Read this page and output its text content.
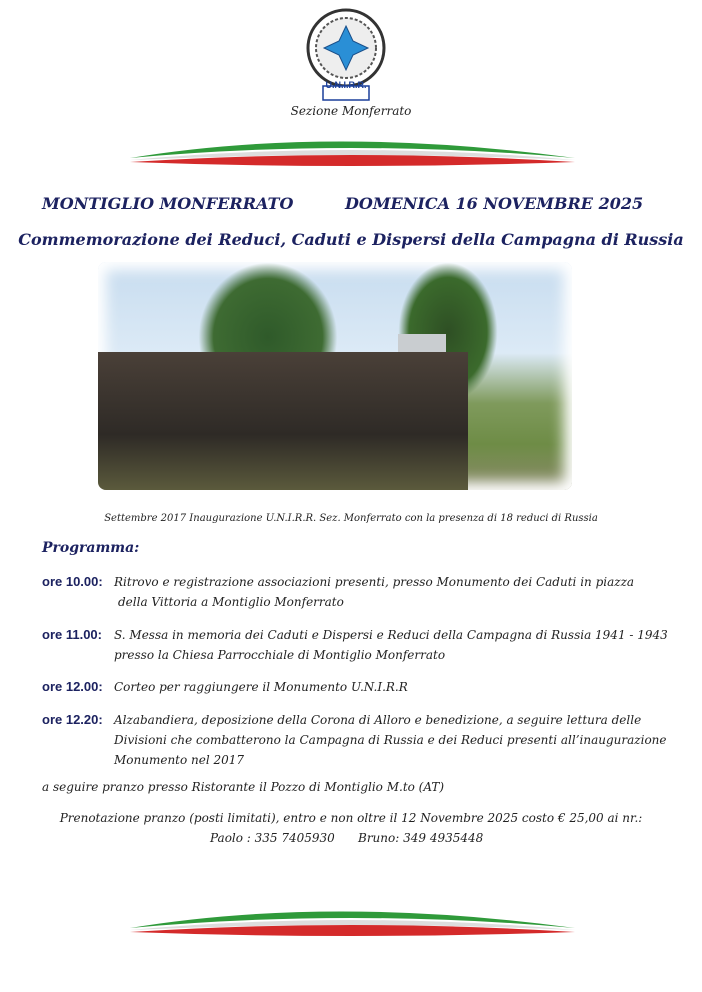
U.N.I.R.R.
Sezione Monferrato
MONTIGLIO MONFERRATO	DOMENICA 16 NOVEMBRE 2025
Commemorazione dei Reduci, Caduti e Dispersi della Campagna di Russia
Settembre 2017 Inaugurazione U.N.I.R.R. Sez. Monferrato con la presenza di 18 reduci di Russia
Programma:
ore 10.00: Ritrovo e registrazione associazioni presenti, presso Monumento dei Caduti in piazza
della Vittoria a Montiglio Monferrato
ore 11.00: S. Messa in memoria dei Caduti e Dispersi e Reduci della Campagna di Russia 1941 - 1943
presso la Chiesa Parrocchiale di Montiglio Monferrato
ore 12.00: Corteo per raggiungere il Monumento U.N.I.R.R
ore 12.20: Alzabandiera, deposizione della Corona di Alloro e benedizione, a seguire lettura delle
Divisioni che combatterono la Campagna di Russia e dei Reduci presenti all’inaugurazione
Monumento nel 2017
a seguire pranzo presso Ristorante il Pozzo di Montiglio M.to (AT)
Prenotazione pranzo (posti limitati), entro e non oltre il 12 Novembre 2025 costo € 25,00 ai nr.:
Paolo : 335 7405930 Bruno: 349 4935448
